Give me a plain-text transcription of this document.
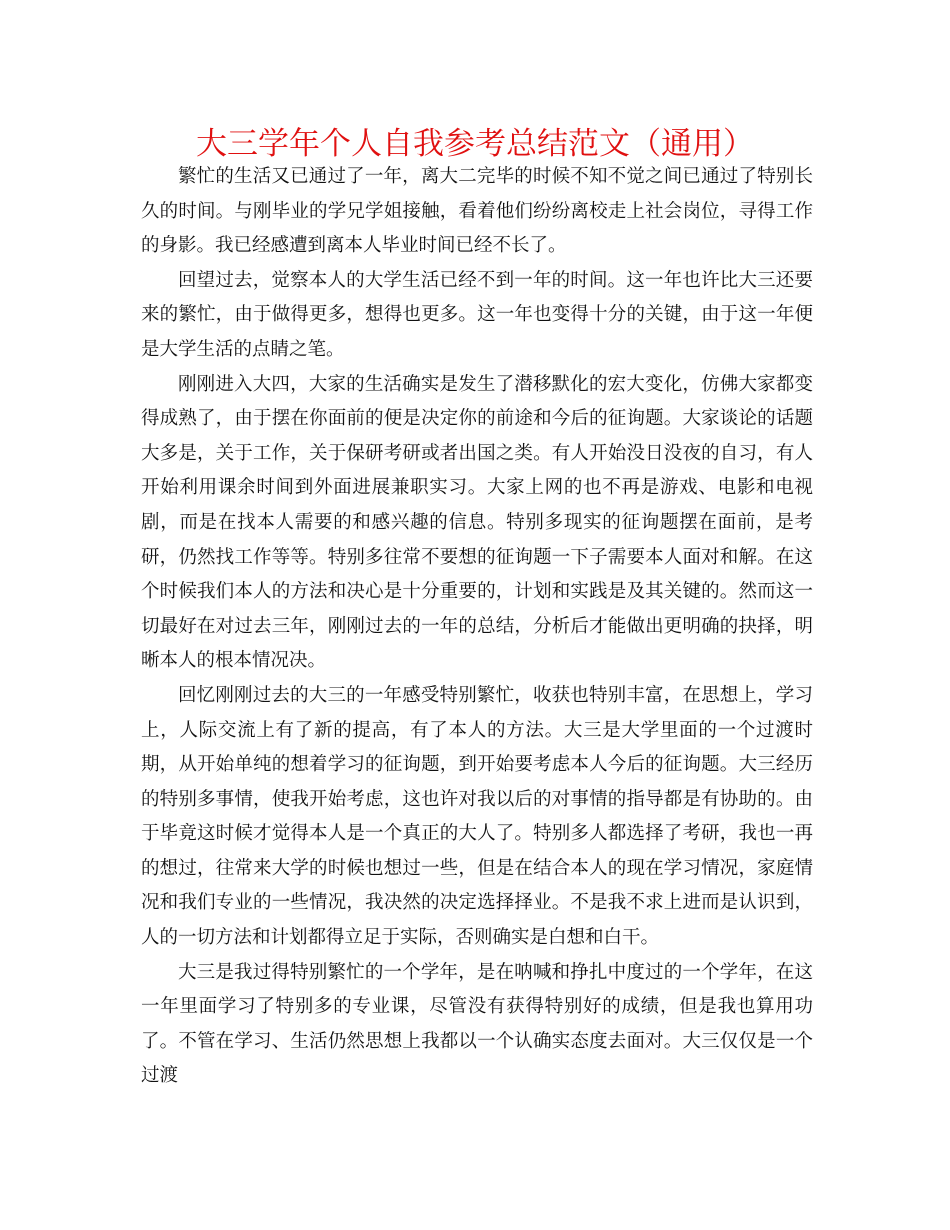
大三学年个人自我参考总结范文（通用）

繁忙的生活又已通过了一年，离大二完毕的时候不知不觉之间已通过了特别长久的时间。与刚毕业的学兄学姐接触，看着他们纷纷离校走上社会岗位，寻得工作的身影。我已经感遭到离本人毕业时间已经不长了。

回望过去，觉察本人的大学生活已经不到一年的时间。这一年也许比大三还要来的繁忙，由于做得更多，想得也更多。这一年也变得十分的关键，由于这一年便是大学生活的点睛之笔。

刚刚进入大四，大家的生活确实是发生了潜移默化的宏大变化，仿佛大家都变得成熟了，由于摆在你面前的便是决定你的前途和今后的征询题。大家谈论的话题大多是，关于工作，关于保研考研或者出国之类。有人开始没日没夜的自习，有人开始利用课余时间到外面进展兼职实习。大家上网的也不再是游戏、电影和电视剧，而是在找本人需要的和感兴趣的信息。特别多现实的征询题摆在面前，是考研，仍然找工作等等。特别多往常不要想的征询题一下子需要本人面对和解。在这个时候我们本人的方法和决心是十分重要的，计划和实践是及其关键的。然而这一切最好在对过去三年，刚刚过去的一年的总结，分析后才能做出更明确的抉择，明晰本人的根本情况决。

回忆刚刚过去的大三的一年感受特别繁忙，收获也特别丰富，在思想上，学习上，人际交流上有了新的提高，有了本人的方法。大三是大学里面的一个过渡时期，从开始单纯的想着学习的征询题，到开始要考虑本人今后的征询题。大三经历的特别多事情，使我开始考虑，这也许对我以后的对事情的指导都是有协助的。由于毕竟这时候才觉得本人是一个真正的大人了。特别多人都选择了考研，我也一再的想过，往常来大学的时候也想过一些，但是在结合本人的现在学习情况，家庭情况和我们专业的一些情况，我决然的决定选择择业。不是我不求上进而是认识到，人的一切方法和计划都得立足于实际，否则确实是白想和白干。

大三是我过得特别繁忙的一个学年，是在呐喊和挣扎中度过的一个学年，在这一年里面学习了特别多的专业课，尽管没有获得特别好的成绩，但是我也算用功了。不管在学习、生活仍然思想上我都以一个认确实态度去面对。大三仅仅是一个过渡
